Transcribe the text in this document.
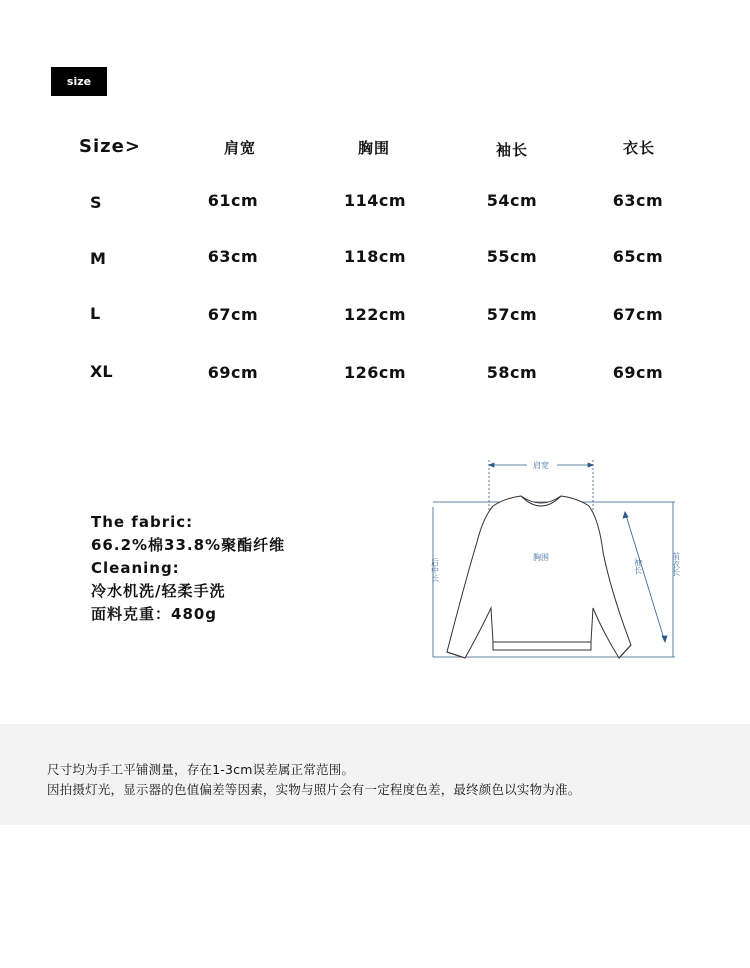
size
Size>	肩宽	胸围	袖长	衣长
S	61cm	114cm	54cm	63cm
M	63cm	118cm	55cm	65cm
L	67cm	122cm	57cm	67cm
XL	69cm	126cm	58cm	69cm
The fabric:
66.2%棉33.8%聚酯纤维
Cleaning:
冷水机洗/轻柔手洗
面料克重：480g
肩宽
胸围
后中长	袖长	前衣长
尺寸均为手工平铺测量，存在1-3cm误差属正常范围。
因拍摄灯光，显示器的色值偏差等因素，实物与照片会有一定程度色差，最终颜色以实物为准。
